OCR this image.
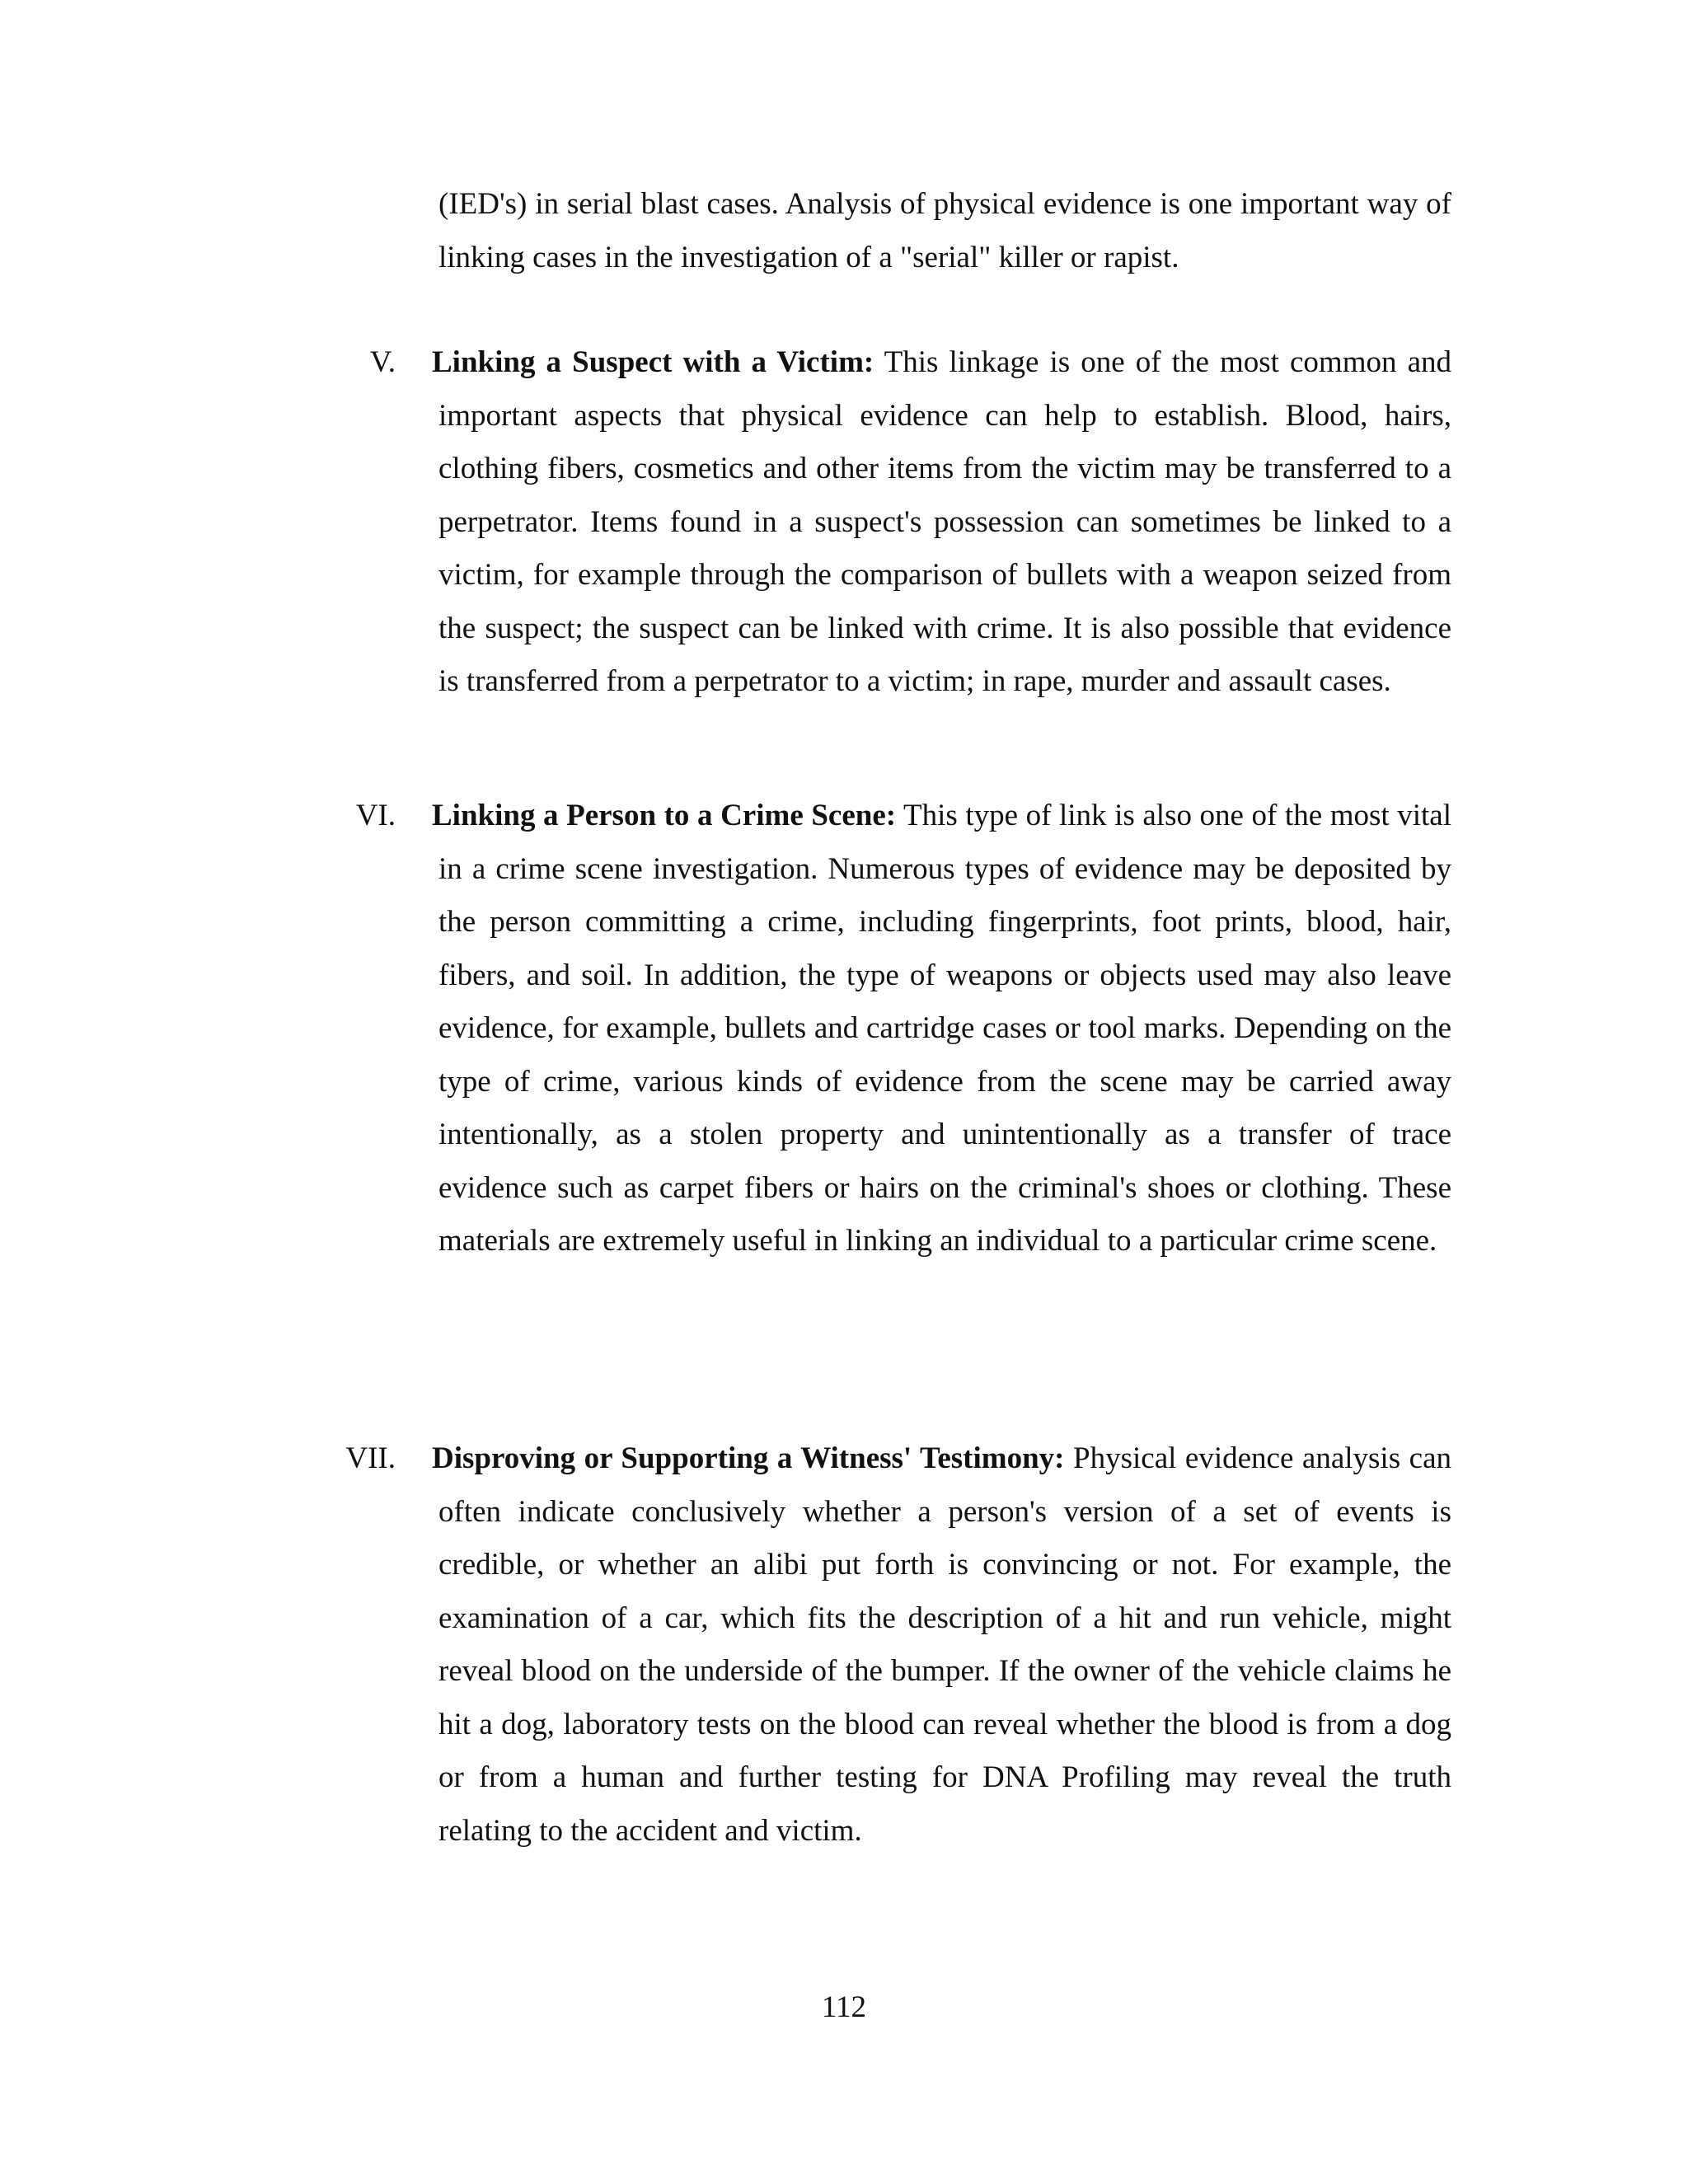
(IED's) in serial blast cases. Analysis of physical evidence is one important way of linking cases in the investigation of a "serial" killer or rapist.

V. Linking a Suspect with a Victim: This linkage is one of the most common and important aspects that physical evidence can help to establish. Blood, hairs, clothing fibers, cosmetics and other items from the victim may be transferred to a perpetrator. Items found in a suspect's possession can sometimes be linked to a victim, for example through the comparison of bullets with a weapon seized from the suspect; the suspect can be linked with crime. It is also possible that evidence is transferred from a perpetrator to a victim; in rape, murder and assault cases.

VI. Linking a Person to a Crime Scene: This type of link is also one of the most vital in a crime scene investigation. Numerous types of evidence may be deposited by the person committing a crime, including fingerprints, foot prints, blood, hair, fibers, and soil. In addition, the type of weapons or objects used may also leave evidence, for example, bullets and cartridge cases or tool marks. Depending on the type of crime, various kinds of evidence from the scene may be carried away intentionally, as a stolen property and unintentionally as a transfer of trace evidence such as carpet fibers or hairs on the criminal's shoes or clothing. These materials are extremely useful in linking an individual to a particular crime scene.

VII. Disproving or Supporting a Witness' Testimony: Physical evidence analysis can often indicate conclusively whether a person's version of a set of events is credible, or whether an alibi put forth is convincing or not. For example, the examination of a car, which fits the description of a hit and run vehicle, might reveal blood on the underside of the bumper. If the owner of the vehicle claims he hit a dog, laboratory tests on the blood can reveal whether the blood is from a dog or from a human and further testing for DNA Profiling may reveal the truth relating to the accident and victim.

112
